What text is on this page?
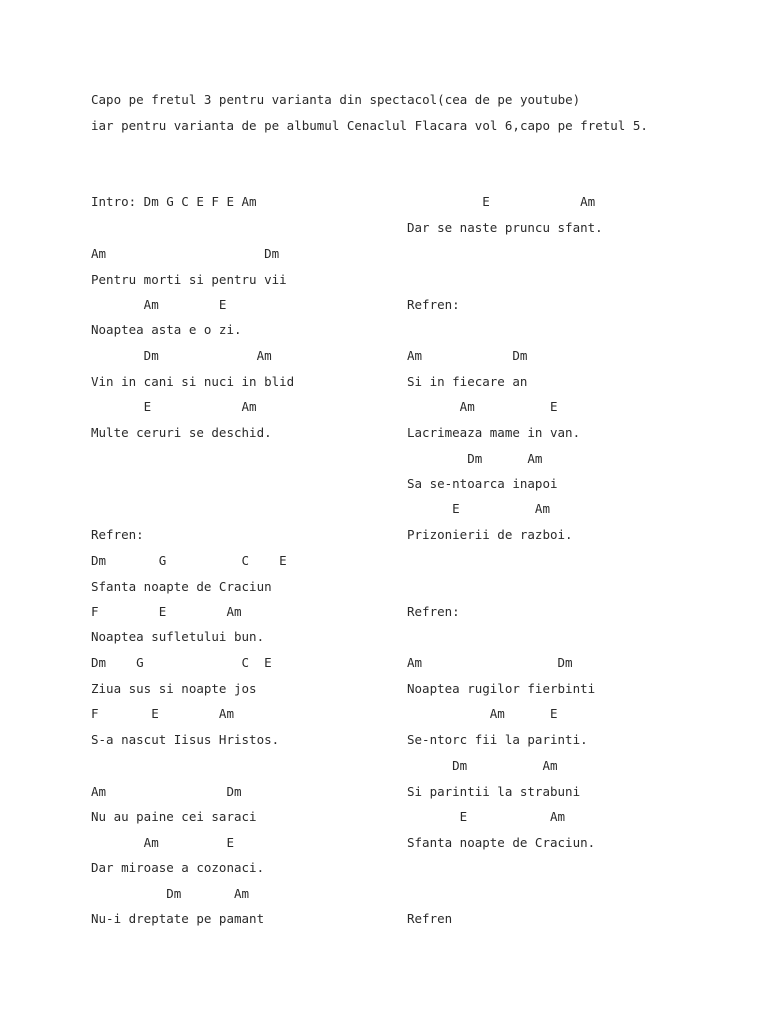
Capo pe fretul 3 pentru varianta din spectacol(cea de pe youtube)

iar pentru varianta de pe albumul Cenaclul Flacara vol 6,capo pe fretul 5.

Intro: Dm G C E F E Am

Am                     Dm

Pentru morti si pentru vii

Am        E

Noaptea asta e o zi.

Dm             Am

Vin in cani si nuci in blid

E            Am

Multe ceruri se deschid.

Refren:

Dm       G          C    E

Sfanta noapte de Craciun

F        E        Am

Noaptea sufletului bun.

Dm    G             C  E

Ziua sus si noapte jos

F       E        Am

S-a nascut Iisus Hristos.

Am                Dm

Nu au paine cei saraci

Am         E

Dar miroase a cozonaci.

Dm       Am

Nu-i dreptate pe pamant

E            Am

Dar se naste pruncu sfant.

Refren:

Am            Dm

Si in fiecare an

Am          E

Lacrimeaza mame in van.

Dm      Am

Sa se-ntoarca inapoi

E          Am

Prizonierii de razboi.

Refren:

Am                  Dm

Noaptea rugilor fierbinti

Am      E

Se-ntorc fii la parinti.

Dm          Am

Si parintii la strabuni

E           Am

Sfanta noapte de Craciun.

Refren
